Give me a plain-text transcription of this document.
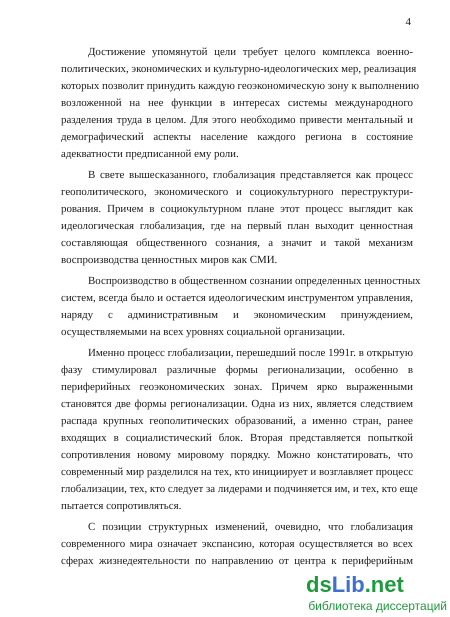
4
Достижение упомянутой цели требует целого комплекса военно-
политических, экономических и культурно-идеологических мер, реализация
которых позволит принудить каждую геоэкономическую зону к выполнению
возложенной на нее функции в интересах системы международного
разделения труда в целом. Для этого необходимо привести ментальный и
демографический аспекты население каждого региона в состояние
адекватности предписанной ему роли.
В свете вышесказанного, глобализация представляется как процесс
геополитического, экономического и социокультурного переструктури-
рования. Причем в социокультурном плане этот процесс выглядит как
идеологическая глобализация, где на первый план выходит ценностная
составляющая общественного сознания, а значит и такой механизм
воспроизводства ценностных миров как СМИ.
Воспроизводство в общественном сознании определенных ценностных
систем, всегда было и остается идеологическим инструментом управления,
наряду с административным и экономическим принуждением,
осуществляемыми на всех уровнях социальной организации.
Именно процесс глобализации, перешедший после 1991г. в открытую
фазу стимулировал различные формы регионализации, особенно в
периферийных геоэкономических зонах. Причем ярко выраженными
становятся две формы регионализации. Одна из них, является следствием
распада крупных геополитических образований, а именно стран, ранее
входящих в социалистический блок. Вторая представляется попыткой
сопротивления новому мировому порядку. Можно констатировать, что
современный мир разделился на тех, кто инициирует и возглавляет процесс
глобализации, тех, кто следует за лидерами и подчиняется им, и тех, кто еще
пытается сопротивляться.
С позиции структурных изменений, очевидно, что глобализация
современного мира означает экспансию, которая осуществляется во всех
сферах жизнедеятельности по направлению от центра к периферийным
dsLib.net
библиотека диссертаций
